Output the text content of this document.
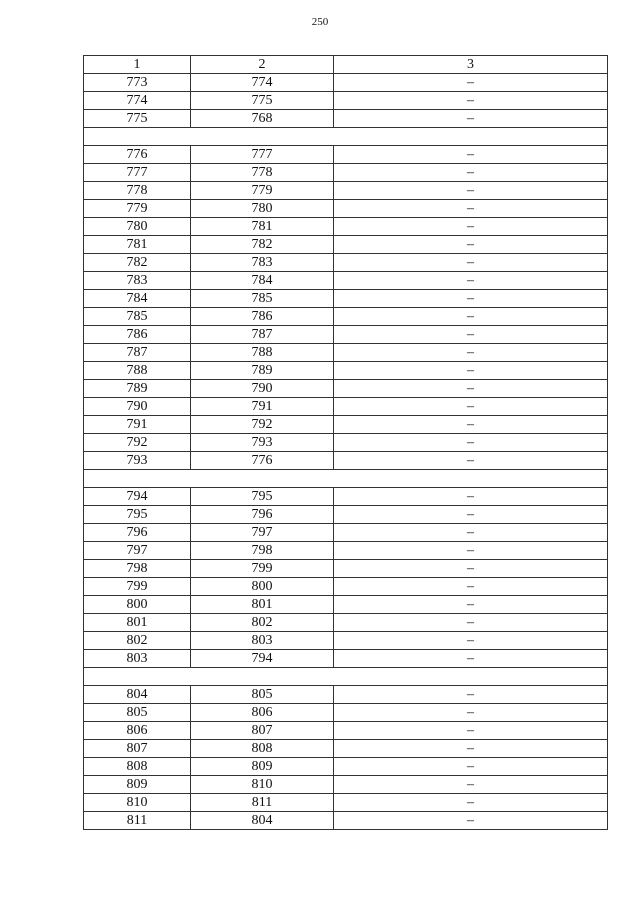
250
1	2	3
773	774	–
774	775	–
775	768	–

776	777	–
777	778	–
778	779	–
779	780	–
780	781	–
781	782	–
782	783	–
783	784	–
784	785	–
785	786	–
786	787	–
787	788	–
788	789	–
789	790	–
790	791	–
791	792	–
792	793	–
793	776	–

794	795	–
795	796	–
796	797	–
797	798	–
798	799	–
799	800	–
800	801	–
801	802	–
802	803	–
803	794	–

804	805	–
805	806	–
806	807	–
807	808	–
808	809	–
809	810	–
810	811	–
811	804	–
